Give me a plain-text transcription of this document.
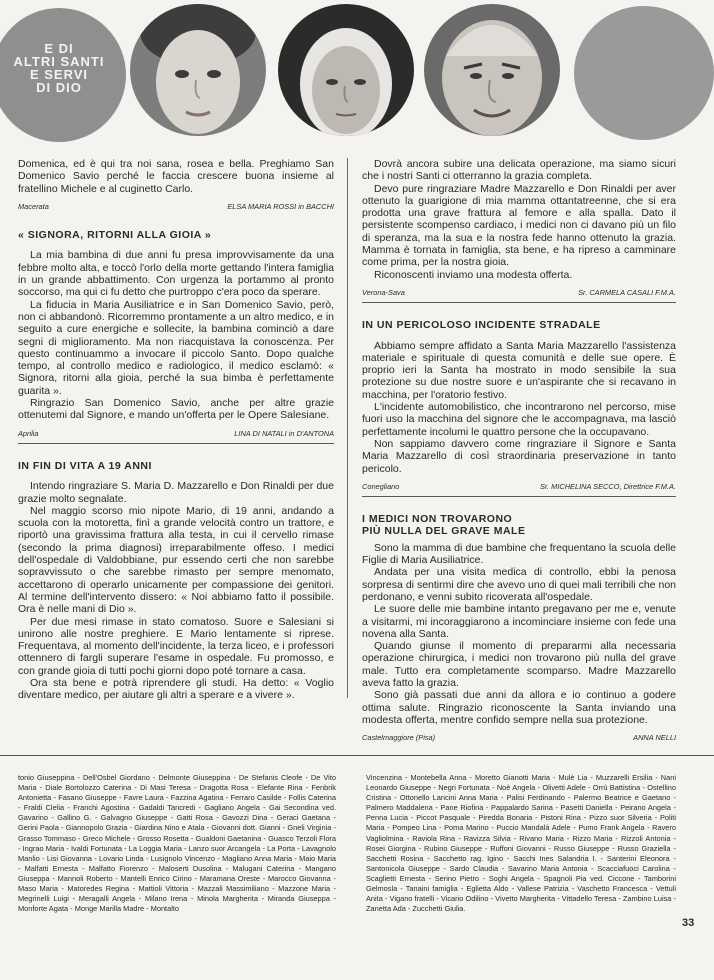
E DI
ALTRI SANTI
E SERVI
DI DIO

Domenica, ed è qui tra noi sana, rosea e bella. Preghiamo San Domenico Savio perché le faccia crescere buona insieme al fratellino Michele e al cuginetto Carlo.

Macerata	ELSA MARIA ROSSI in BACCHI
« SIGNORA, RITORNI ALLA GIOIA »

La mia bambina di due anni fu presa improvvisamente da una febbre molto alta, e toccò l'orlo della morte gettando l'intera famiglia in un grande abbattimento. Con urgenza la portammo al pronto soccorso, ma qui ci fu detto che purtroppo c'era poco da sperare.

La fiducia in Maria Ausiliatrice e in San Domenico Savio, però, non ci abbandonò. Ricorremmo prontamente a un altro medico, e in seguito a cure energiche e sollecite, la bambina cominciò a dare segni di miglioramento. Ma non riacquistava la conoscenza. Per questo continuammo a invocare il piccolo Santo. Dopo qualche tempo, al controllo medico e radiologico, il medico esclamò: « Signora, ritorni alla gioia, perché la sua bimba è perfettamente guarita ».

Ringrazio San Domenico Savio, anche per altre grazie ottenutemi dal Signore, e mando un'offerta per le Opere Salesiane.

Aprilia	LINA DI NATALI in D'ANTONA
IN FIN DI VITA A 19 ANNI

Intendo ringraziare S. Maria D. Mazzarello e Don Rinaldi per due grazie molto segnalate.

Nel maggio scorso mio nipote Mario, di 19 anni, andando a scuola con la motoretta, finì a grande velocità contro un trattore, e riportò una gravissima frattura alla testa, in cui il cervello rimase (secondo la prima diagnosi) irreparabilmente offeso. I medici dell'ospedale di Valdobbiane, pur essendo certi che non sarebbe sopravvissuto o che sarebbe rimasto per sempre menomato, accettarono di operarlo unicamente per compassione dei genitori. Al termine dell'intervento dissero: « Noi abbiamo fatto il possibile. Ora è nelle mani di Dio ».

Per due mesi rimase in stato comatoso. Suore e Salesiani si unirono alle nostre preghiere. E Mario lentamente si riprese. Frequentava, al momento dell'incidente, la terza liceo, e i professori ottennero di fargli superare l'esame in ospedale. Fu promosso, e con grande gioia di tutti pochi giorni dopo poté tornare a casa.

Ora sta bene e potrà riprendere gli studi. Ha detto: « Voglio diventare medico, per aiutare gli altri a sperare e a vivere ».

Dovrà ancora subire una delicata operazione, ma siamo sicuri che i nostri Santi ci otterranno la grazia completa.

Devo pure ringraziare Madre Mazzarello e Don Rinaldi per aver ottenuto la guarigione di mia mamma ottantatreenne, che si era prodotta una grave frattura al femore e alla spalla. Dato il persistente scompenso cardiaco, i medici non ci davano più un filo di speranza, ma la sua e la nostra fede hanno ottenuto la grazia. Mamma è tornata in famiglia, sta bene, e ha ripreso a camminare come prima, per la nostra gioia.

Riconoscenti inviamo una modesta offerta.

Verona-Sava	Sr. CARMELA CASALI F.M.A.
IN UN PERICOLOSO INCIDENTE STRADALE

Abbiamo sempre affidato a Santa Maria Mazzarello l'assistenza materiale e spirituale di questa comunità e delle sue opere. È proprio ieri la Santa ha mostrato in modo sensibile la sua protezione su due nostre suore e un'aspirante che si recavano in macchina, per l'oratorio festivo.

L'incidente automobilistico, che incontrarono nel percorso, mise fuori uso la macchina del signore che le accompagnava, ma lasciò perfettamente incolumi le quattro persone che la occupavano.

Non sappiamo davvero come ringraziare il Signore e Santa Maria Mazzarello di così straordinaria preservazione in tanto pericolo.

Conegliano	Sr. MICHELINA SECCO, Direttrice F.M.A.
I MEDICI NON TROVARONO
PIÙ NULLA DEL GRAVE MALE

Sono la mamma di due bambine che frequentano la scuola delle Figlie di Maria Ausiliatrice.

Andata per una visita medica di controllo, ebbi la penosa sorpresa di sentirmi dire che avevo uno di quei mali terribili che non perdonano, e venni subito ricoverata all'ospedale.

Le suore delle mie bambine intanto pregavano per me e, venute a visitarmi, mi incoraggiarono a incominciare insieme con fede una novena alla Santa.

Quando giunse il momento di prepararmi alla necessaria operazione chirurgica, i medici non trovarono più nulla del grave male. Tutto era completamente scomparso. Madre Mazzarello aveva fatto la grazia.

Sono già passati due anni da allora e io continuo a godere ottima salute. Ringrazio riconoscente la Santa inviando una modesta offerta, mentre confido sempre nella sua protezione.

Castelmaggiore (Pisa)	ANNA NELLI
tonio Giuseppina - Dell'Osbel Giordano - Delmonte Giuseppina - De Stefanis Cleofe - De Vito Maria - Diale Bortolozzo Caterina - Di Masi Teresa - Dragotta Rosa - Elefante Rina - Fenbrik Antonietta - Fasano Giuseppe - Favre Laura - Fazzina Agatina - Ferraro Casilde - Follis Caterina - Fraldi Clelia - Franchi Agostina - Gadaldi Tancredi - Gagliano Angela - Gai Secondina ved. Gavarino - Gallino G. - Galvagno Giuseppe - Gatti Rosa - Gavozzi Dina - Geraci Gaetana - Gerini Paola - Giannopolo Grazia - Giardina Nino e Atala - Giovanni dott. Gianni - Gneli Virginia - Grasso Tommaso - Greco Michele - Grosso Rosetta - Gualdoni Gaetanina - Guasco Terzoli Flora - Ingrao Maria - Ivaldi Fortunata - La Loggia Maria - Lanzo suor Arcangela - La Porta - Lavagnolo Manlio - Lisi Giovanna - Lovario Linda - Lusignolo Vincenzo - Magliano Anna Maria - Maio Maria - Malfatti Ernesta - Malfatto Fiorenzo - Maloserti Dusolina - Malugani Caterina - Mangano Giuseppa - Mannoli Roberto - Mantelli Enrico Cirino - Maramana Oreste - Marocco Giovanna - Maso Maria - Matoredes Regina - Mattioli Vittoria - Mazzali Massimiliano - Mazzone Maria - Megrinelli Luigi - Meragalli Angela - Milano Irena - Minola Margherita - Miranda Giuseppa - Monforte Agata - Monge Marilla Madre - Montalto
Vincenzina - Montebella Anna - Moretto Gianotti Maria - Mulè Lia - Muzzarelli Ersilia - Nani Leonardo Giuseppe - Negri Fortunata - Noè Angela - Olivetti Adele - Orrù Battistina - Ostellino Cristina - Ottonello Lancini Anna Maria - Palisi Ferdinando - Palermo Beatrice e Gaetano - Palmero Maddalena - Pane Riofina - Pappalardo Sarina - Pasetti Daniella - Peirano Angela - Penna Lucia - Piccot Pasquale - Piredda Bonaria - Pistoni Rina - Pizzo suor Silveria - Politi Maria - Pompeo Lina - Poma Marino - Puccio Mandalà Adele - Pumo Frank Angela - Ravero Vagliolmina - Raviola Rina - Ravizza Silvia - Rivano Maria - Rizzo Maria - Rizzoli Antonia - Rosei Giorgina - Rubino Giuseppe - Ruffoni Giovanni - Russo Giuseppe - Russo Graziella - Sacchetti Rosina - Sacchetto rag. Igino - Sacchi Ines Salandria I. - Santerini Eleonora - Santonicola Giuseppe - Sardo Claudia - Savarino Maria Antonia - Scacciafuoci Carolina - Scaglietti Ernesta - Serino Pietro - Soghi Angela - Spagnoli Pia ved. Ciccone - Tamborini Gelmosla - Tanaini famiglia - Eglietta Aldo - Vallese Patrizia - Vaschetto Francesca - Vettuli Anita - Vigano fratelli - Vicario Odilino - Vivetto Margherita - Vittadello Teresa - Zambino Luisa - Zanetta Ada - Zucchetti Giulia.
33
